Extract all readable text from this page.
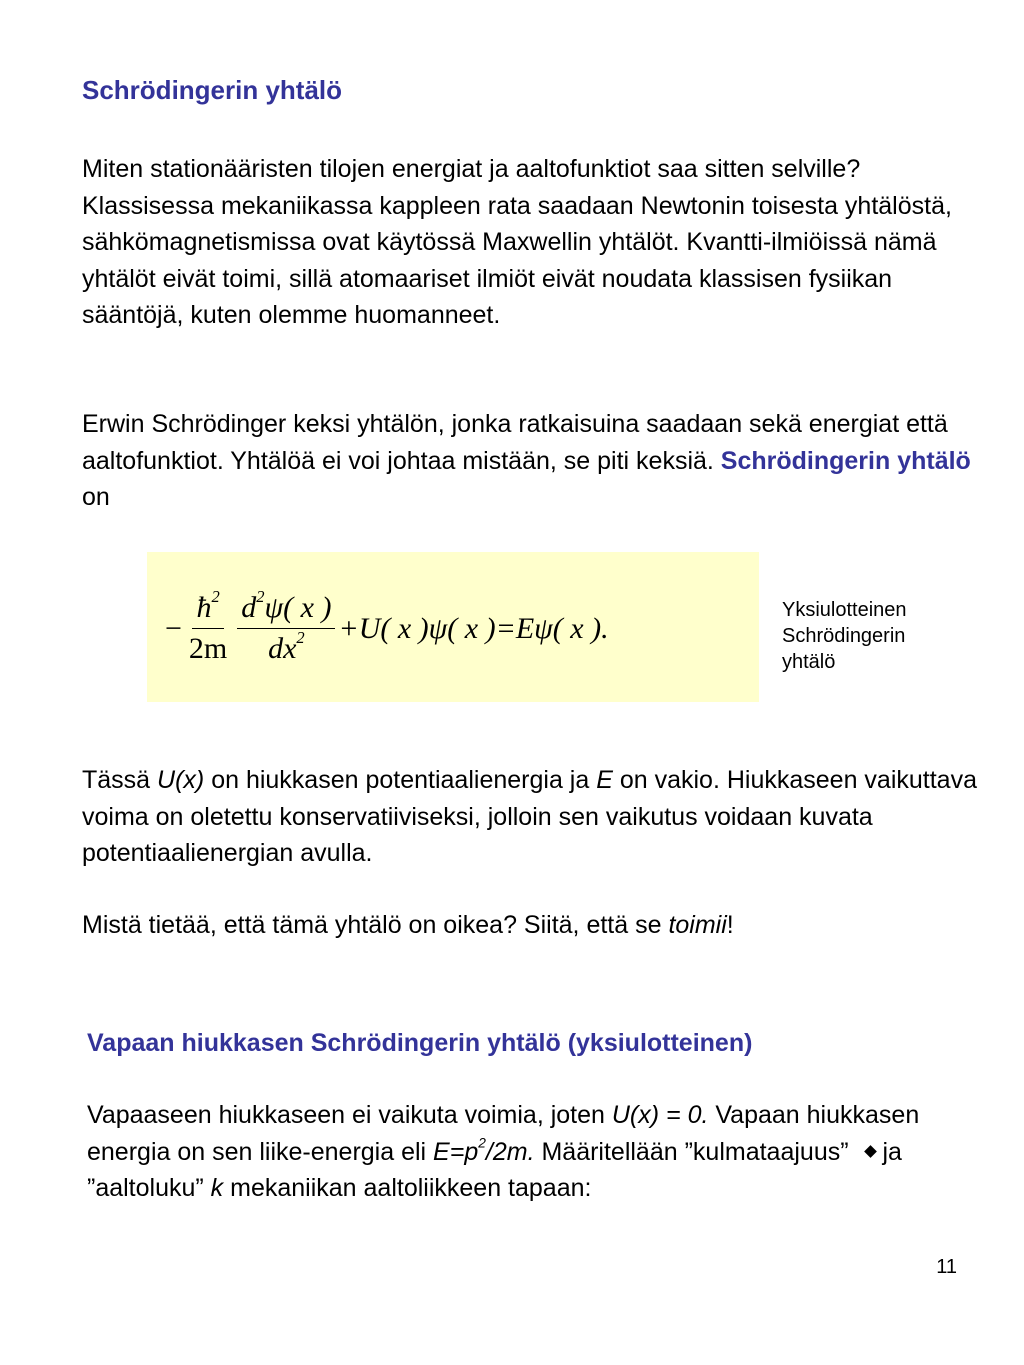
Schrödingerin yhtälö

Miten stationääristen tilojen energiat ja aaltofunktiot saa sitten selville? Klassisessa mekaniikassa kappleen rata saadaan Newtonin toisesta yhtälöstä, sähkömagnetismissa ovat käytössä Maxwellin yhtälöt. Kvantti-ilmiöissä nämä yhtälöt eivät toimi, sillä atomaariset ilmiöt eivät noudata klassisen fysiikan sääntöjä, kuten olemme huomanneet.

Erwin Schrödinger keksi yhtälön, jonka ratkaisuina saadaan sekä energiat että aaltofunktiot. Yhtälöä ei voi johtaa mistään, se piti keksiä. Schrödingerin yhtälö on

− $\frac{ħ^2}{2m} \frac{d^2\psi( x )}{dx^2} +U$( x )ψ( x )=Eψ( x ).

Yksiulotteinen
Schrödingerin
yhtälö

Tässä U(x) on hiukkasen potentiaalienergia ja E on vakio. Hiukkaseen vaikuttava voima on oletettu konservatiiviseksi, jolloin sen vaikutus voidaan kuvata potentiaalienergian avulla.

Mistä tietää, että tämä yhtälö on oikea? Siitä, että se toimii!

Vapaan hiukkasen Schrödingerin yhtälö (yksiulotteinen)

Vapaaseen hiukkaseen ei vaikuta voimia, joten U(x) = 0. Vapaan hiukkasen energia on sen liike-energia eli $E=p^2/2m$. Määritellään ”kulmataajuus” ja ”aaltoluku” k mekaniikan aaltoliikkeen tapaan:

11
